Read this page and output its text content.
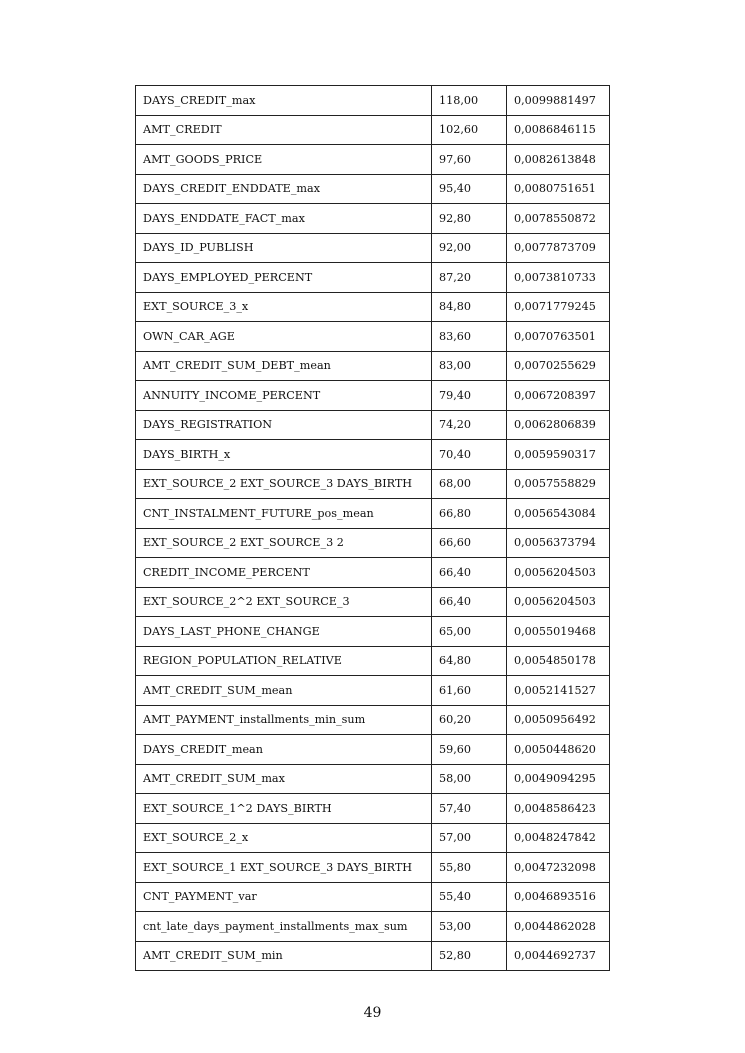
DAYS_CREDIT_max	118,00	0,0099881497
AMT_CREDIT	102,60	0,0086846115
AMT_GOODS_PRICE	97,60	0,0082613848
DAYS_CREDIT_ENDDATE_max	95,40	0,0080751651
DAYS_ENDDATE_FACT_max	92,80	0,0078550872
DAYS_ID_PUBLISH	92,00	0,0077873709
DAYS_EMPLOYED_PERCENT	87,20	0,0073810733
EXT_SOURCE_3_x	84,80	0,0071779245
OWN_CAR_AGE	83,60	0,0070763501
AMT_CREDIT_SUM_DEBT_mean	83,00	0,0070255629
ANNUITY_INCOME_PERCENT	79,40	0,0067208397
DAYS_REGISTRATION	74,20	0,0062806839
DAYS_BIRTH_x	70,40	0,0059590317
EXT_SOURCE_2 EXT_SOURCE_3 DAYS_BIRTH	68,00	0,0057558829
CNT_INSTALMENT_FUTURE_pos_mean	66,80	0,0056543084
EXT_SOURCE_2 EXT_SOURCE_3 2	66,60	0,0056373794
CREDIT_INCOME_PERCENT	66,40	0,0056204503
EXT_SOURCE_2^2 EXT_SOURCE_3	66,40	0,0056204503
DAYS_LAST_PHONE_CHANGE	65,00	0,0055019468
REGION_POPULATION_RELATIVE	64,80	0,0054850178
AMT_CREDIT_SUM_mean	61,60	0,0052141527
AMT_PAYMENT_installments_min_sum	60,20	0,0050956492
DAYS_CREDIT_mean	59,60	0,0050448620
AMT_CREDIT_SUM_max	58,00	0,0049094295
EXT_SOURCE_1^2 DAYS_BIRTH	57,40	0,0048586423
EXT_SOURCE_2_x	57,00	0,0048247842
EXT_SOURCE_1 EXT_SOURCE_3 DAYS_BIRTH	55,80	0,0047232098
CNT_PAYMENT_var	55,40	0,0046893516
cnt_late_days_payment_installments_max_sum	53,00	0,0044862028
AMT_CREDIT_SUM_min	52,80	0,0044692737
49
